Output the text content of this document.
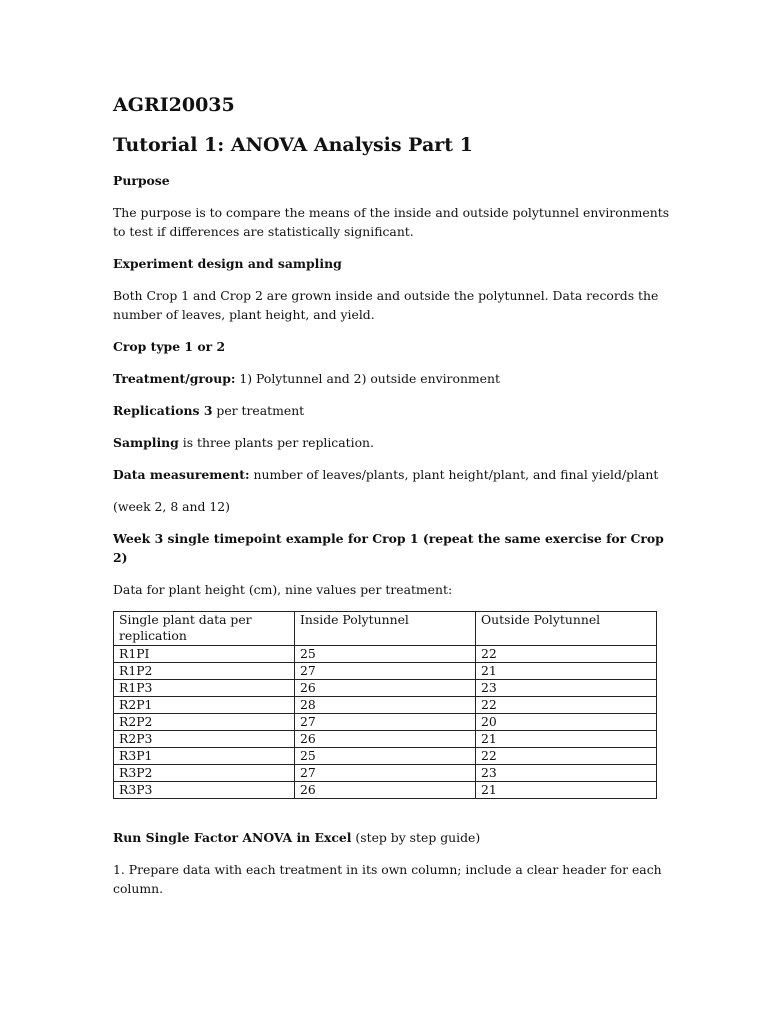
AGRI20035
Tutorial 1: ANOVA Analysis Part 1

Purpose

The purpose is to compare the means of the inside and outside polytunnel environments to test if differences are statistically significant.

Experiment design and sampling

Both Crop 1 and Crop 2 are grown inside and outside the polytunnel. Data records the number of leaves, plant height, and yield.

Crop type 1 or 2

Treatment/group: 1) Polytunnel and 2) outside environment

Replications 3 per treatment

Sampling is three plants per replication.

Data measurement: number of leaves/plants, plant height/plant, and final yield/plant

(week 2, 8 and 12)

Week 3 single timepoint example for Crop 1 (repeat the same exercise for Crop 2)

Data for plant height (cm), nine values per treatment:

Single plant data per replication	Inside Polytunnel	Outside Polytunnel
R1PI	25	22
R1P2	27	21
R1P3	26	23
R2P1	28	22
R2P2	27	20
R2P3	26	21
R3P1	25	22
R3P2	27	23
R3P3	26	21

Run Single Factor ANOVA in Excel (step by step guide)

1. Prepare data with each treatment in its own column; include a clear header for each column.
